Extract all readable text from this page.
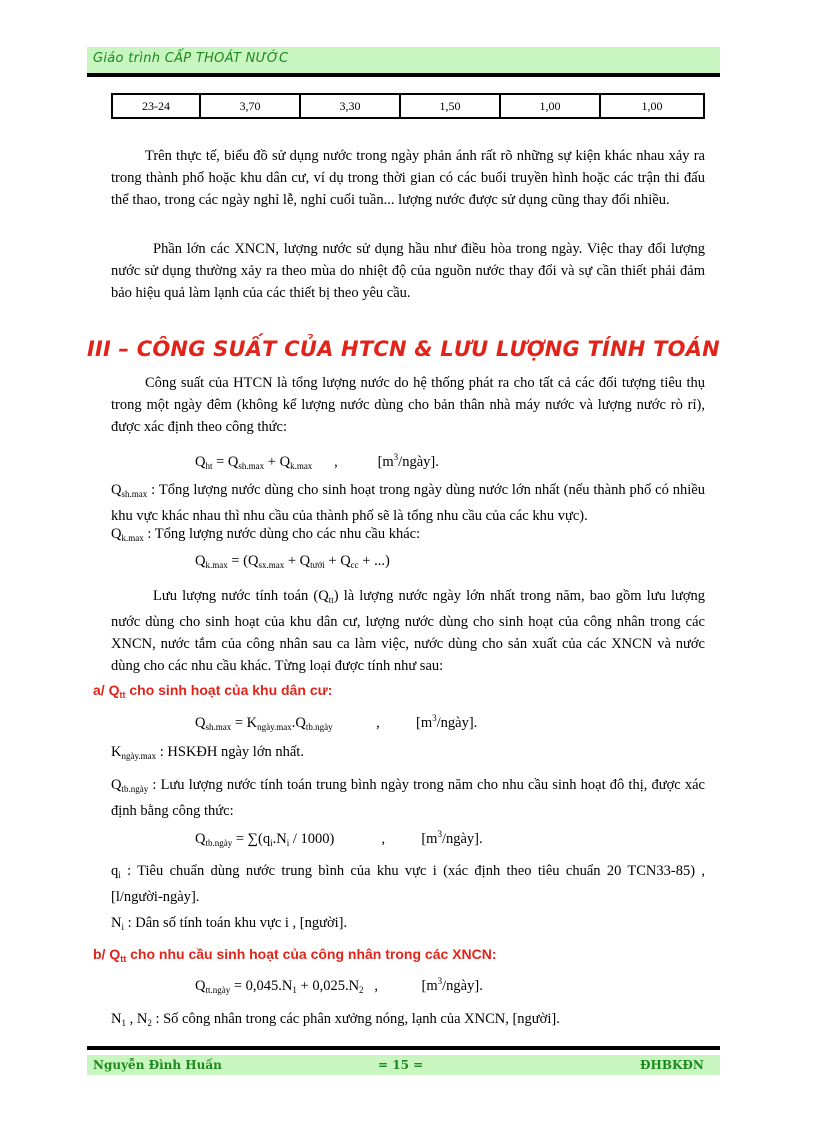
Giáo trình CẤP THOÁT NƯỚC
23-24	3,70	3,30	1,50	1,00	1,00

Trên thực tế, biểu đồ sử dụng nước trong ngày phản ánh rất rõ những sự kiện khác nhau xảy ra trong thành phố hoặc khu dân cư, ví dụ trong thời gian có các buổi truyền hình hoặc các trận thi đấu thể thao, trong các ngày nghỉ lễ, nghỉ cuối tuần... lượng nước được sử dụng cũng thay đổi nhiều.

Phần lớn các XNCN, lượng nước sử dụng hầu như điều hòa trong ngày. Việc thay đổi lượng nước sử dụng thường xảy ra theo mùa do nhiệt độ của nguồn nước thay đổi và sự cần thiết phải đảm bảo hiệu quả làm lạnh của các thiết bị theo yêu cầu.

III – CÔNG SUẤT CỦA HTCN & LƯU LƯỢNG TÍNH TOÁN

Công suất của HTCN là tổng lượng nước do hệ thống phát ra cho tất cả các đối tượng tiêu thụ trong một ngày đêm (không kể lượng nước dùng cho bản thân nhà máy nước và lượng nước rò rỉ), được xác định theo công thức:

$Q_{ht} = Q_{sh.max} + Q_{k.max}$      ,           $[m^3/ngày]$.

$Q_{sh.max}$ : Tổng lượng nước dùng cho sinh hoạt trong ngày dùng nước lớn nhất (nếu thành phố có nhiều khu vực khác nhau thì nhu cầu của thành phố sẽ là tổng nhu cầu của các khu vực).

$Q_{k.max}$ : Tổng lượng nước dùng cho các nhu cầu khác:

$Q_{k.max} = (Q_{sx.max} + Q_{tưới} + Q_{cc}$ + ...)

Lưu lượng nước tính toán $(Q_{tt})$ là lượng nước ngày lớn nhất trong năm, bao gồm lưu lượng nước dùng cho sinh hoạt của khu dân cư, lượng nước dùng cho sinh hoạt của công nhân trong các XNCN, nước tắm của công nhân sau ca làm việc, nước dùng cho sản xuất của các XNCN và nước dùng cho các nhu cầu khác. Từng loại được tính như sau:

a/ $Q_{tt}$ cho sinh hoạt của khu dân cư:
$Q_{sh.max} = K_{ngày.max}.Q_{tb.ngày}$            ,          $[m^3/ngày]$.

$K_{ngày.max}$ : HSKĐH ngày lớn nhất.

$Q_{tb.ngày}$ : Lưu lượng nước tính toán trung bình ngày trong năm cho nhu cầu sinh hoạt đô thị, được xác định bằng công thức:

$Q_{tb.ngày} = \sum(q_i.N_i / 1000)$             ,          $[m^3/ngày]$.

$q_i$ : Tiêu chuẩn dùng nước trung bình của khu vực i (xác định theo tiêu chuẩn 20 TCN33-85) , [l/người-ngày].

$N_i$ : Dân số tính toán khu vực i , [người].

b/ $Q_{tt}$ cho nhu cầu sinh hoạt của công nhân trong các XNCN:
$Q_{tt.ngày} = 0,045.N_1 + 0,025.N_2$   ,            $[m^3/ngày]$.

$N_1$ , $N_2$ : Số công nhân trong các phân xưởng nóng, lạnh của XNCN, [người].

Nguyễn Đình Huấn	= 15 =	ĐHBKĐN
